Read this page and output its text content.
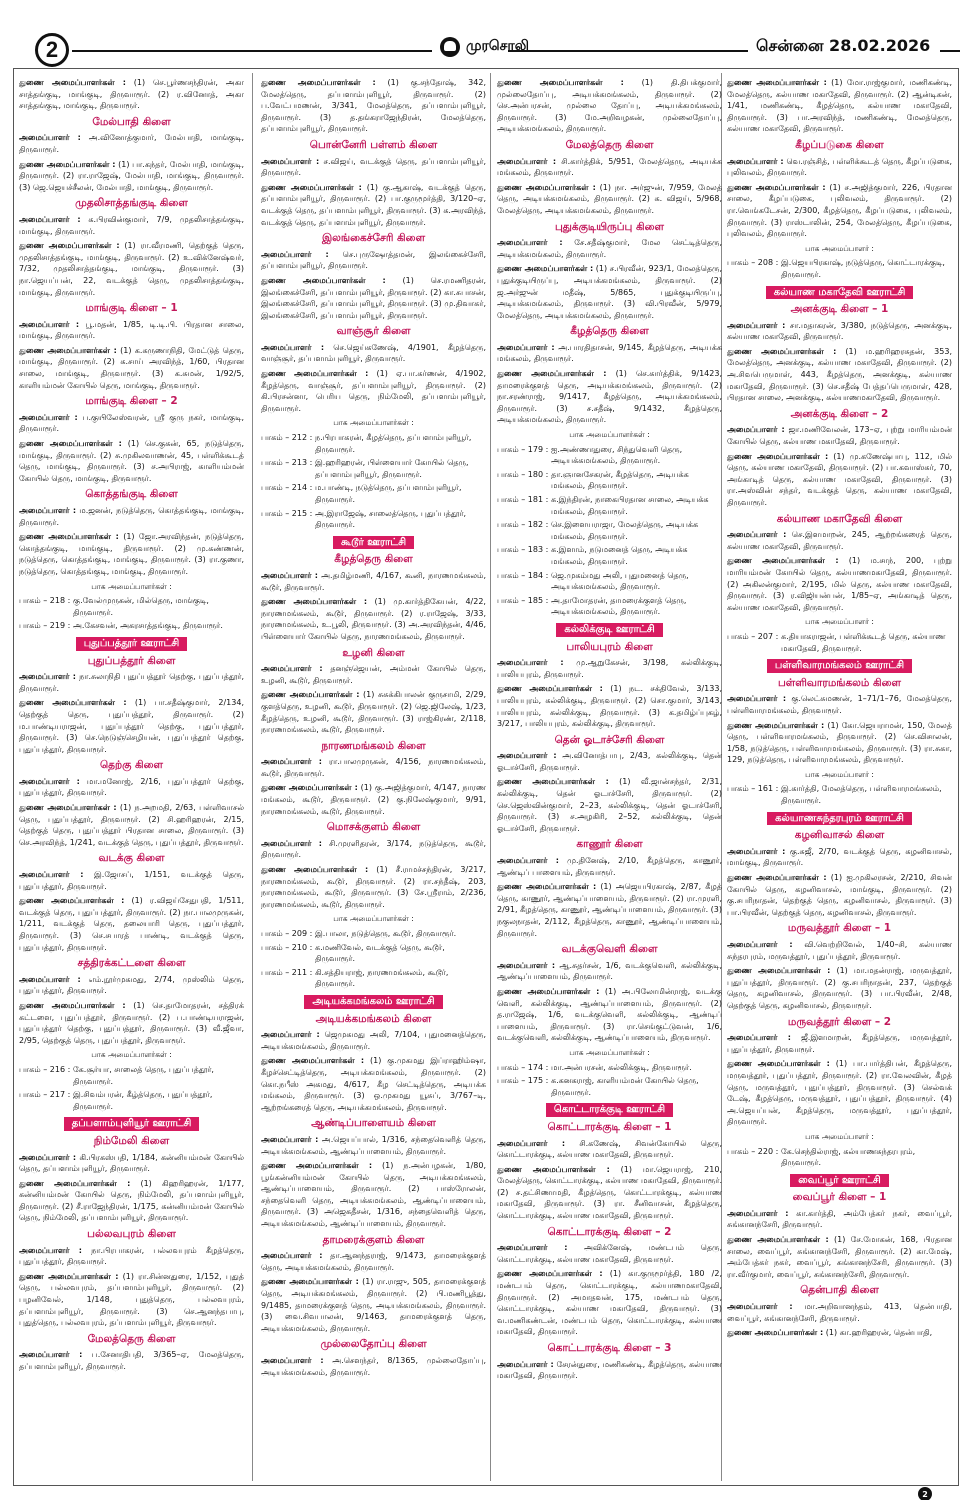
2	முரசொலி	சென்னை 28.02.2026

துணை அமைப்பாளர்கள் : (1) செ.பூர்ணசந்திரன், அகா சாத்தங்குடி, மாங்குடி, திருவாரூர். (2) ர.வினோத், அகா சாத்தங்குடி, மாங்குடி, திருவாரூர்.

மேல்பாதி கிளை

அமைப்பாளர் : அ.வினோத்குமார், மேல்பாதி, மாங்குடி, திருவாரூர்.

துணை அமைப்பாளர்கள் : (1) பா.கந்தர், மேல்பாதி, மாங்குடி, திருவாரூர். (2) ரா.ராஜேஷ், மேல்பாதி, மாங்குடி, திருவாரூர். (3) ஜெ.ஜெயச்சீலன், மேல்பாதி, மாங்குடி, திருவாரூர்.

முதலிசாத்தங்குடி கிளை

அமைப்பாளர் : க.பிரவின்குமார், 7/9, முதலிசாத்தங்குடி, மாங்குடி, திருவாரூர்.

துணை அமைப்பாளர்கள் : (1) ரா.வீரமணி, தெற்குத் தெரு, முதலிசாத்தங்குடி, மாங்குடி, திருவாரூர். (2) உ.விக்னேஷ்வர், 7/32, முதலிசாத்தங்குடி, மாங்குடி, திருவாரூர். (3) நா.ஜெயப்பன், 22, வடக்குத் தெரு, முதலிசாத்தங்குடி, மாங்குடி, திருவாரூர்.

மாங்குடி கிளை – 1

அமைப்பாளர் : பூ.மதன், 1/85, டி.டி.பி. பிரதான சாலை, மாங்குடி, திருவாரூர்.

துணை அமைப்பாளர்கள் : (1) க.கருணாநிதி, மேட்டுத் தெரு, மாங்குடி, திருவாரூர். (2) க.சாய் அரவிந்த், 1/60, பிரதான சாலை, மாங்குடி, திருவாரூர். (3) க.சுமன், 1/92/5, காளியம்மன் கோயில் தெரு, மாங்குடி, திருவாரூர்.

மாங்குடி கிளை – 2

அமைப்பாளர் : ப.குயிலேஸ்வரன், ஸ்ரீ குரு நகர், மாங்குடி, திருவாரூர்.

துணை அமைப்பாளர்கள் : (1) செ.குகன், 65, நடுத்தெரு, மாங்குடி, திருவாரூர். (2) சு.முகிலவாணன், 45, பள்ளிக்கூடத் தெரு, மாங்குடி, திருவாரூர். (3) ச.அபிராஜ், காளியம்மன் கோயில் தெரு, மாங்குடி, திருவாரூர்.

கொத்தங்குடி கிளை

அமைப்பாளர் : ம.ஜனன், நடுத்தெரு, கொத்தங்குடி, மாங்குடி, திருவாரூர்.

துணை அமைப்பாளர்கள் : (1) ஜோ.அரவிந்தன், நடுத்தெரு, கொத்தங்குடி, மாங்குடி, திருவாரூர். (2) மு.கண்ணன், நடுத்தெரு, கொத்தங்குடி, மாங்குடி, திருவாரூர். (3) ரா.குணா, நடுத்தெரு, கொத்தங்குடி, மாங்குடி, திருவாரூர்.

பாக அமைப்பாளர்கள் :
பாகம் – 218 : கு.வேல்முருகன், மில்தெரு, மாங்குடி, திருவாரூர்.
பாகம் – 219 : அ.கேசவன், அகரசாத்தங்குடி, திருவாரூர்.
புதுப்பத்தூர் ஊராட்சி
புதுப்பத்தூர் கிளை

அமைப்பாளர் : நா.சுலாநிதி புதுப்பத்தூர் தெற்கு, புதுப்பத்தூர், திருவாரூர்.

துணை அமைப்பாளர்கள் : (1) பா.சதீஷ்குமார், 2/134, தெற்குத் தெரு, புதுப்பத்தூர், திருவாரூர். (2) ம.பாண்டியராஜன், புதுப்பத்தூர் தெற்கு, புதுப்பத்தூர், திருவாரூர். (3) செ.நெடுஞ்செழியன், புதுப்பத்தூர் தெற்கு, புதுப்பத்தூர், திருவாரூர்.

தெற்கு கிளை

அமைப்பாளர் : மா.மனோஜ், 2/16, புதுப்பத்தூர் தெற்கு, புதுப்பத்தூர், திருவாரூர்.

துணை அமைப்பாளர்கள் : (1) ந.அறமதி, 2/63, பள்ளிவாசல் தெரு, புதுப்பத்தூர், திருவாரூர். (2) சி.ஹரிஹரன், 2/15, தெற்குத் தெரு, புதுப்பத்தூர் பிரதான சாலை, திருவாரூர். (3) செ.அரவிந்த், 1/241, வடக்குத் தெரு, புதுப்பத்தூர், திருவாரூர்.

வடக்கு கிளை

அமைப்பாளர் : இ.ஜோசப், 1/151, வடக்குத் தெரு, புதுப்பத்தூர், திருவாரூர்.

துணை அமைப்பாளர்கள் : (1) ர.விஜய்சேதுபதி, 1/511, வடக்குத் தெரு, புதுப்பத்தூர், திருவாரூர். (2) நா.பாலமுருகன், 1/211, வடக்குத் தெரு, தலையாரி தெரு, புதுப்பத்தூர், திருவாரூர். (3) செ.சபாரத் பாண்டி, வடக்குத் தெரு, புதுப்பத்தூர், திருவாரூர்.

சத்திரக்கட்டளை கிளை

அமைப்பாளர் : எம்.நூர்முகமது, 2/74, முஸ்லிம் தெரு, புதுப்பத்தூர், திருவாரூர்.

துணை அமைப்பாளர்கள் : (1) செ.தாமோதரன், சத்திரக் கட்டளை, புதுப்பத்தூர், திருவாரூர். (2) ப.பாண்டியராஜன், புதுப்பத்தூர் தெற்கு, புதுப்பத்தூர், திருவாரூர். (3) வீ.ஜீவா, 2/95, தெற்குத் தெரு, புதுப்பத்தூர், திருவாரூர்.

பாக அமைப்பாளர்கள் :
பாகம் – 216 : கே.சூர்யா, சாலைத் தெரு, புதுப்பத்தூர், திருவாரூர்.
பாகம் – 217 : இ.சிவம்பரன், கீழ்த்தெரு, புதுப்பத்தூர், திருவாரூர்.
தப்பளாம்புளியூர் ஊராட்சி
நிம்மேலி கிளை

அமைப்பாளர் : கி.பிரகஸ்பதி, 1/184, கன்னியம்மன் கோயில் தெரு, தப்பளாம்புளியூர், திருவாரூர்.

துணை அமைப்பாளர்கள் : (1) கிஹரிஹரன், 1/177, கன்னியம்மன் கோயில் தெரு, நிம்மேலி, தப்பளாம்புளியூர், திருவாரூர். (2) சீ.ராஜேந்திரன், 1/175, கன்னியம்மன் கோயில் தெரு, நிம்மேலி, தப்பளாம்புளியூர், திருவாரூர்.

பல்லவபுரம் கிளை

அமைப்பாளர் : நா.பிரபாகரன், பல்லவபுரம் கீழத்தெரு, புதுப்பத்தூர், திருவாரூர்.

துணை அமைப்பாளர்கள் : (1) ரா.சின்னதுரை, 1/152, புதுத் தெரு, பல்லவபுரம், தப்பளாம்புளியூர், திருவாரூர். (2) பழனிவேல், 1/148, புதுத்தெரு, பல்லவபுரம், தப்பளாம்புளியூர், திருவாரூர். (3) செ.ஆனந்தபாபு, புதுத்தெரு, பல்லவபுரம், தப்பளாம்புளியூர், திருவாரூர்.

மேலத்தெரு கிளை

அமைப்பாளர் : ப.சேனாதிபதி, 3/365–ஏ, மேலத்தெரு, தப்பளாம்புளியூர், திருவாரூர்.

துணை அமைப்பாளர்கள் : (1) கு.சந்தோஷ், 342, மேலத்தெரு, தப்பளாம்புளியூர், திருவாரூர். (2) ப.வேட்பமணன், 3/341, மேலத்தெரு, தப்பளாம்புளியூர், திருவாரூர். (3) த.தங்கராஜேந்திரன், மேலத்தெரு, தப்பளாம்புளியூர், திருவாரூர்.

பொன்னேரி பள்ளம் கிளை

அமைப்பாளர் : ச.விஜய், வடக்குத் தெரு, தப்பளாம்புளியூர், திருவாரூர்.

துணை அமைப்பாளர்கள் : (1) கு.ஆகாஷ், வடக்குத் தெரு, தப்பளாம்புளியூர், திருவாரூர். (2) பா.குருமூர்த்தி, 3/120–ஏ, வடக்குத் தெரு, தப்பளாம்புளியூர், திருவாரூர். (3) க.அரவிந்த், வடக்குத் தெரு, தப்பளாம்புளியூர், திருவாரூர்.

இலங்கைச்சேரி கிளை

அமைப்பாளர் : செ.புருஷோத்தமன், இலங்கைச்சேரி, தப்பளாம்புளியூர், திருவாரூர்.

துணை அமைப்பாளர்கள் : (1) செ.ரமணிதரன், இலங்கைச்சேரி, தப்பளாம்புளியூர், திருவாரூர். (2) கா.சுபாசன், இலங்கைச்சேரி, தப்பளாம்புளியூர், திருவாரூர். (3) மு.திவாகர், இலங்கைச்சேரி, தப்பளாம்புளியூர், திருவாரூர்.

வாஞ்சூர் கிளை

அமைப்பாளர் : செ.ஜெய்கணேஷ், 4/1901, கீழத்தெரு, வாஞ்சூர், தப்பளாம்புளியூர், திருவாரூர்.

துணை அமைப்பாளர்கள் : (1) ஏ.பா.கர்ணன், 4/1902, கீழத்தெரு, வாஞ்சூர், தப்பளாம்புளியூர், திருவாரூர். (2) கி.பிரசன்னா, பெரிய தெரு, நிம்மேலி, தப்பளாம்புளியூர், திருவாரூர்.

பாக அமைப்பாளர்கள் :
பாகம் – 212 : ந.பிரபாகரன், கீழத்தெரு, தப்பளாம்புளியூர், திருவாரூர்.
பாகம் – 213 : இ.ஹரிஹரன், பிள்ளையார் கோயில் தெரு, தப்பளாம்புளியூர், திருவாரூர்.
பாகம் – 214 : ம.பாண்டி, நடுத்தெரு, தப்பளாம்புளியூர், திருவாரூர்.
பாகம் – 215 : அ.இராஜேஷ், சாலைத்தெரு, புதுப்பத்தூர், திருவாரூர்.
கூடூர் ஊராட்சி
கீழத்தெரு கிளை

அமைப்பாளர் : அ.தமிழ்மணி, 4/167, கூனி, நாரணமங்கலம், கூடூர், திருவாரூர்.

துணை அமைப்பாளர்கள் : (1) மு.கார்த்திகேயன், 4/22, நாரணமங்கலம், கூடூர், திருவாரூர். (2) ர.ராஜேஷ், 3/33, நாரணமங்கலம், உ.பூலி, திருவாரூர். (3) அ.அரவிந்தன், 4/46, பிள்ளையார் கோயில் தெரு, நாரணமங்கலம், திருவாரூர்.

உழனி கிளை

அமைப்பாளர் : தனஞ்ஜெயன், அம்மன் கோயில் தெரு, உழனி, கூடூர், திருவாரூர்.

துணை அமைப்பாளர்கள் : (1) சுசுக்கிபாலன் குருசாமி, 2/29, குளத்தெரு, உழனி, கூடூர், திருவாரூர். (2) ஜெ.ஜிலேஷ், 1/23, கீழத்தெரு, உழனி, கூடூர், திருவாரூர். (3) ராஜ்கிரண், 2/118, நாரணமங்கலம், கூடூர், திருவாரூர்.

நாரணமங்கலம் கிளை

அமைப்பாளர் : ரா.பாலமுருகன், 4/156, நாரணமங்கலம், கூடூர், திருவாரூர்.

துணை அமைப்பாளர்கள் : (1) கு.அஜித்குமார், 4/147, நாரண மங்கலம், கூடூர், திருவாரூர். (2) கு.நிலேஷ்குமார், 9/91, நாரணமங்கலம், கூடூர், திருவாரூர்.

மொசக்குளம் கிளை

அமைப்பாளர் : சி.முரளிதரன், 3/174, நடுத்தெரு, கூடூர், திருவாரூர்.

துணை அமைப்பாளர்கள் : (1) சீ.ராமச்சந்திரன், 3/217, நாரணமங்கலம், கூடூர், திருவாரூர். (2) ரா.சந்தீஷ், 203, நாரணமங்கலம், கூடூர், திருவாரூர். (3) சே.ஸ்ரீராம், 2/236, நாரணமங்கலம், கூடூர், திருவாரூர்.

பாக அமைப்பாளர்கள் :
பாகம் – 209 : இ.பாலா, நடுத்தெரு, கூடூர், திருவாரூர்.
பாகம் – 210 : க.மணிவேல், வடக்குத் தெரு, கூடூர், திருவாரூர்.
பாகம் – 211 : கி.சத்தியராஜ், நாரணமங்கலம், கூடூர், திருவாரூர்.
அடியக்கமங்கலம் ஊராட்சி
அடியக்கமங்கலம் கிளை

அமைப்பாளர் : ஜெமுகமது அலி, 7/104, புதுமனைத்தெரு, அடியக்கமங்கலம், திருவாரூர்.

துணை அமைப்பாளர்கள் : (1) கு.முகமது இப்ராஹிம்ஷா, கீழச்செட்டித்தெரு, அடியக்கமங்கலம், திருவாரூர். (2) கொ.நபீஸ் அகமது, 4/617, கீழ செட்டித்தெரு, அடியக்க மங்கலம், திருவாரூர். (3) ஒ.முகமது யூசுப், 3/767–டி, ஆற்றங்கரைத் தெரு, அடியக்கமங்கலம், திருவாரூர்.

ஆண்டிப்பாளையம் கிளை

அமைப்பாளர் : அ.ஜெயப்பால், 1/316, சந்தைவெளித் தெரு, அடியக்கமங்கலம், ஆண்டிப்பாளையம், திருவாரூர்.

துணை அமைப்பாளர்கள் : (1) ந.அன்பழகன், 1/80, பூங்கன்னியம்மன் கோயில் தெரு, அடியக்கமங்கலம், ஆண்டிப்பாளையம், திருவாரூர். (2) பாஸ்ரோலன், சந்தைவெளி தெரு, அடியக்கமங்கலம், ஆண்டிப்பாளையம், திருவாரூர். (3) அஜெகதீசன், 1/316, சந்தைவெளித் தெரு, அடியக்கமங்கலம், ஆண்டிப்பாளையம், திருவாரூர்.

தாமரைக்குளம் கிளை

அமைப்பாளர் : தா.ஆனந்தராஜ், 9/1473, தாமரைக்குளத் தெரு, அடியக்கமங்கலம், திருவாரூர்.

துணை அமைப்பாளர்கள் : (1) ரா.ராஜு, 505, தாமரைக்குளத் தெரு, அடியக்கமங்கலம், திருவாரூர். (2) பி.மணிபூத்து, 9/1485, தாமரைக்குளத் தெரு, அடியக்கமங்கலம், திருவாரூர். (3) வை.சிவபாலன், 9/1463, தாமரைக்குளத் தெரு, அடியக்கமங்கலம், திருவாரூர்.

முல்லைதோப்பு கிளை

அமைப்பாளர் : அ.செளந்தர், 8/1365, முல்லைதோப்பு, அடியக்கமங்கலம், திருவாரூர்.

துணை அமைப்பாளர்கள் : (1) தி.திபக்குமார், முல்லைதோப்பு, அடியக்கமங்கலம், திருவாரூர். (2) செ.அன்பரசன், முல்லை தோப்பு, அடியக்கமங்கலம், திருவாரூர். (3) மே.அறிவழகன், முல்லைதோப்பு, அடியக்கமங்கலம், திருவாரூர்.

மேலத்தெரு கிளை

அமைப்பாளர் : சி.கார்த்திக், 5/951, மேலத்தெரு, அடியக்க மங்கலம், திருவாரூர்.

துணை அமைப்பாளர்கள் : (1) நா. அர்ஜுன், 7/959, மேலத் தெரு, அடியக்கமங்கலம், திருவாரூர். (2) க. விஜய், 5/968, மேலத்தெரு, அடியக்கமங்கலம், திருவாரூர்.

புதுக்குடியிருப்பு கிளை

அமைப்பாளர் : சே.சதீஷ்குமார், மேல செட்டித்தெரு, அடியக்கமங்கலம், திருவாரூர்.

துணை அமைப்பாளர்கள் : (1) ச.பிரவீன், 923/1, மேலத்தெரு, புதுக்குடியிருப்பு, அடியக்கமங்கலம், திருவாரூர். (2) ஜ.அர்ஜுன் மதீஷ், 5/865, புதுக்குடியிருப்பு, அடியக்கமங்கலம், திருவாரூர். (3) வி.பிரவீன், 5/979, மேலத்தெரு, அடியக்கமங்கலம், திருவாரூர்.

கீழத்தெரு கிளை

அமைப்பாளர் : அ.பாரதிதாசன், 9/145, கீழத்தெரு, அடியக்க மங்கலம், திருவாரூர்.

துணை அமைப்பாளர்கள் : (1) செ.கார்த்திக், 9/1423, தாமரைக்குளத் தெரு, அடியக்கமங்கலம், திருவாரூர். (2) நா.சரண்ராஜ், 9/1417, கீழத்தெரு, அடியக்கமங்கலம், திருவாரூர். (3) ச.சதீஷ், 9/1432, கீழத்தெரு, அடியக்கமங்கலம், திருவாரூர்.

பாக அமைப்பாளர்கள் :
பாகம் – 179 : ஐ.அண்ணாதுரை, சிந்துவெளி தெரு, அடியக்கமங்கலம், திருவாரூர்.
பாகம் – 180 : தா.ஞானசேகரன், கீழத்தெரு, அடியக்க மங்கலம், திருவாரூர்.
பாகம் – 181 : க.இந்திரன், நாகைபிரதான சாலை, அடியக்க மங்கலம், திருவாரூர்.
பாகம் – 182 : செ.இளையராஜா, மேலத்தெரு, அடியக்க மங்கலம், திருவாரூர்.
பாகம் – 183 : க.இளாம், நடுமனைத் தெரு, அடியக்க மங்கலம், திருவாரூர்.
பாகம் – 184 : ஜெ.முகம்மது அலி, புதுமனைத் தெரு, அடியக்கமங்கலம், திருவாரூர்.
பாகம் – 185 : அ.தாமோதரன், தாமரைக்குளத் தெரு, அடியக்கமங்கலம், திருவாரூர்.
கல்லிக்குடி ஊராட்சி
பாலியபுரம் கிளை

அமைப்பாளர் : மு.ஆறுகேசன், 3/198, கல்லிக்குடி, பாலியபுரம், திருவாரூர்.

துணை அமைப்பாளர்கள் : (1) நட. சக்திவேல், 3/133, பாலியபுரம், கல்லிக்குடி, திருவாரூர். (2) சொ.குமார், 3/143, பாலியபுரம், கல்லிக்குடி, திருவாரூர். (3) க.தமிழ்ப்புகழ், 3/217, பாலியபுரம், கல்லிக்குடி, திருவாரூர்.

தென் ஓடாச்சேரி கிளை

அமைப்பாளர் : அ.வினோத்பாபு, 2/43, கல்லிக்குடி, தென் ஓடாச்சேரி, திருவாரூர்.

துணை அமைப்பாளர்கள் : (1) வீ.ஜான்சந்தர், 2/31, கல்லிக்குடி, தென் ஓடாச்சேரி, திருவாரூர். (2) செ.ஜெஸ்வின்குமார், 2–23, கல்லிக்குடி, தென் ஓடாச்சேரி, திருவாரூர். (3) ச.அழகிரி, 2–52, கல்லிக்குடி, தென் ஓடாச்சேரி, திருவாரூர்.

காணூர் கிளை

அமைப்பாளர் : மு.தினேஷ், 2/10, கீழத்தெரு, காணூர், ஆண்டிப் பாளையம், திருவாரூர்.

துணை அமைப்பாளர்கள் : (1) அஜெயபிரகாஷ், 2/87, கீழத் தெரு, காணூர், ஆண்டிப்பாளையம், திருவாரூர். (2) ரா.முரளி, 2/91, கீழத்தெரு, காணூர், ஆண்டிப்பாளையம், திருவாரூர். (3) நகுலநாதன், 2/112, கீழத்தெரு, காணூர், ஆண்டிப்பாளையம், திருவாரூர்.

வடக்குவெளி கிளை

அமைப்பாளர் : ஆ.சுதர்சன், 1/6, வடக்குவெளி, கல்லிக்குடி, ஆண்டிப்பாளையம், திருவாரூர்.

துணை அமைப்பாளர்கள் : (1) அ.பிலோமின்ராஜ், வடக்கு வெளி, கல்லிக்குடி, ஆண்டிப்பாளையம், திருவாரூர். (2) த.ராஜேஷ், 1/6, வடக்குவெளி, கல்லிக்குடி, ஆண்டிப் பாளையம், திருவாரூர். (3) ரா.செங்குட்டுவன், 1/6, வடக்குவெளி, கல்லிக்குடி, ஆண்டிப்பாளையம், திருவாரூர்.

பாக அமைப்பாளர்கள் :
பாகம் – 174 : மா.அன்பரசன், கல்லிக்குடி, திருவாரூர்.
பாகம் – 175 : க.கனகராஜ், காளியம்மன் கோயில் தெரு, திருவாரூர்.
கொட்டாரக்குடி ஊராட்சி
கொட்டாரக்குடி கிளை – 1

அமைப்பாளர் : சி.கணேஷ், சிவன்கோயில் தெரு, கொட்டாரக்குடி, கல்யாண மகாதேவி, திருவாரூர்.

துணை அமைப்பாளர்கள் : (1) மா.ஜெயராஜ், 210, மேலத்தெரு, கொட்டாரக்குடி, கல்யாண மகாதேவி, திருவாரூர். (2) ச.தட்சிணாமதி, கீழத்தெரு, கொட்டாரக்குடி, கல்யாண மகாதேவி, திருவாரூர். (3) ரா. சீனிவாசன், கீழத்தெரு, கொட்டாரக்குடி, கல்யாண மகாதேவி, திருவாரூர்.

கொட்டாரக்குடி கிளை – 2

அமைப்பாளர் : அவிக்னேஷ், மண்டபம் தெரு, கொட்டாரக்குடி, கல்யாண மகாதேவி, திருவாரூர்.

துணை அமைப்பாளர்கள் : (1) கா.குருமூர்த்தி, 180 /2, மண்டபம் தெரு, கொட்டாரக்குடி, கல்யாணமகாதேவி, திருவாரூர். (2) அமாதவன், 175, மண்டபம் தெரு, கொட்டாரக்குடி, கல்யாண மகாதேவி, திருவாரூர். (3) வ.மணிகண்டன், மண்டபம் தெரு, கொட்டாரக்குடி, கல்யாண மகாதேவி, திருவாரூர்.

கொட்டாரக்குடி கிளை – 3

அமைப்பாளர் : சேரன்துரை, மணிகண்டி, கீழத்தெரு, கல்யாண மகாதேவி, திருவாரூர்.

துணை அமைப்பாளர்கள் : (1) மோ.ராஜ்குமார், மணிகண்டி, மேலத்தெரு, கல்யாண மகாதேவி, திருவாரூர். (2) ஆன்டிகன், 1/41, மணிகண்டி, கீழத்தெரு, கல்யாண மகாதேவி, திருவாரூர். (3) பா.அரவிந்த், மணிகண்டி, மேலத்தெரு, கல்யாண மகாதேவி, திருவாரூர்.

கீழப்படுகை கிளை

அமைப்பாளர் : வெ.ரஞ்சித், பள்ளிக்கூடத் தெரு, கீழப்படுகை, புலிவலம், திருவாரூர்.

துணை அமைப்பாளர்கள் : (1) ச.அஜித்குமார், 226, பிரதான சாலை, கீழப்படுகை, புலிவலம், திருவாரூர். (2) ரா.வெங்கடேசன், 2/300, கீழத்தெரு, கீழப்படுகை, புலிவலம், திருவாரூர். (3) ராஸ்டாலின், 254, மேலத்தெரு, கீழப்படுகை, புலிவலம், திருவாரூர்.

பாக அமைப்பாளர் :
பாகம் – 208 : இ.ஜெயபிரகாஷ், நடுத்தெரு, கொட்டாரக்குடி, திருவாரூர்.
கல்யாண மகாதேவி ஊராட்சி
அனக்குடி கிளை – 1

அமைப்பாளர் : சா.மதாகரன், 3/380, நடுத்தெரு, அனக்குடி, கல்யாண மகாதேவி, திருவாரூர்.

துணை அமைப்பாளர்கள் : (1) ம.ஹரிஹரசுதன், 353, மேலத்தெரு, அனக்குடி, கல்யாண மகாதேவி, திருவாரூர். (2) அ.சிவபெருமாள், 443, கீழத்தெரு, அனக்குடி, கல்யாண மகாதேவி, திருவாரூர். (3) செ.சதீஷ் பேத்தப்பெருமாள், 428, பிரதான சாலை, அனக்குடி, கல்யாணமகாதேவி, திருவாரூர்.

அனக்குடி கிளை – 2

அமைப்பாளர் : ஜா.மணிவேலன், 173–ஏ, புற்று மாரியம்மன் கோயில் தெரு, கல்யாண மகாதேவி, திருவாரூர்.

துணை அமைப்பாளர்கள் : (1) மு.கணேஷ்பாபு, 112, மில் தெரு, கல்யாண மகாதேவி, திருவாரூர். (2) பா.கவாஸ்கர், 70, அங்காடித் தெரு, கல்யாண மகாதேவி, திருவாரூர். (3) ரா.அஸ்வின் சந்தர், வடக்குத் தெரு, கல்யாண மகாதேவி, திருவாரூர்.

கல்யாண மகாதேவி கிளை

அமைப்பாளர் : செ.இளமாறன், 245, ஆற்றங்கரைத் தெரு, கல்யாண மகாதேவி, திருவாரூர்.

துணை அமைப்பாளர்கள் : (1) ம.சாந், 200, புற்று மாரியம்மன் கோயில் தெரு, கல்யாணமகாதேவி, திருவாரூர். (2) அகிலன்குமார், 2/195, மில் தெரு, கல்யாண மகாதேவி, திருவாரூர். (3) ர.விஜியன்பன், 1/85–ஏ, அங்காடித் தெரு, கல்யாண மகாதேவி, திருவாரூர்.

பாக அமைப்பாளர் :
பாகம் – 207 : க.தியாகராஜன், பள்ளிக்கூடத் தெரு, கல்யாண மகாதேவி, திருவாரூர்.
பள்ளிவாரமங்கலம் ஊராட்சி
பள்ளிவாரமங்கலம் கிளை

அமைப்பாளர் : கு.லெட்சுமணன், 1–71/1–76, மேலத்தெரு, பள்ளிவாரமங்கலம், திருவாரூர்.

துணை அமைப்பாளர்கள் : (1) கோ.ஜெயராமன், 150, மேலத் தெரு, பள்ளிவாரமங்கலம், திருவாரூர். (2) செ.விசாலன், 1/58, நடுத்தெரு, பள்ளிவாரமங்கலம், திருவாரூர். (3) ரா.சுகா, 129, நடுத்தெரு, பள்ளிவாரமங்கலம், திருவாரூர்.

பாக அமைப்பாளர் :
பாகம் – 161 : இ.கார்த்தி, மேலத்தெரு, பள்ளிவாரமங்கலம், திருவாரூர்.
கல்யாணசுந்தரபுரம் ஊராட்சி
கழனிவாசல் கிளை

அமைப்பாளர் : கு.சுஜீ, 2/70, வடக்குத் தெரு, கழனிவாசல், மாங்குடி, திருவாரூர்.

துணை அமைப்பாளர்கள் : (1) ஐ.முகிலரசன், 2/210, சிவன் கோயில் தெரு, கழனிவாசல், மாங்குடி, திருவாரூர். (2) கு.சபரிநாதன், தெற்குத் தெரு, கழனிவாசல், திருவாரூர். (3) பா.பிரவீன், தெற்குத் தெரு, கழனிவாசல், திருவாரூர்.

மருவத்தூர் கிளை – 1

அமைப்பாளர் : வி.வெற்றிவேல், 1/40–சி, கல்யாண சுந்தரபுரம், மருவத்தூர், புதுப்பத்தூர், திருவாரூர்.

துணை அமைப்பாளர்கள் : (1) மா.மதன்ராஜ், மருவத்தூர், புதுப்பத்தூர், திருவாரூர். (2) கு.சபரிநாதன், 237, தெற்குத் தெரு, கழனிவாசல், திருவாரூர். (3) பா.பிரவீன், 2/48, தெற்குத் தெரு, கழனிவாசல், திருவாரூர்.

மருவத்தூர் கிளை – 2

அமைப்பாளர் : ஜீ.இளமாறன், கீழத்தெரு, மருவத்தூர், புதுப்பத்தூர், திருவாரூர்.

துணை அமைப்பாளர்கள் : (1) பா.பார்த்திபன், கீழத்தெரு, மருவத்தூர், புதுப்பத்தூர், திருவாரூர். (2) ரா.வேலவின், கீழத் தெரு, மருவத்தூர், புதுப்பத்தூர், திருவாரூர். (3) செல்வக் டேஷ், கீழத்தெரு, மருவத்தூர், புதுப்பத்தூர், திருவாரூர். (4) அ.ஜெயப்பன், கீழத்தெரு, மருவத்தூர், புதுப்பத்தூர், திருவாரூர்.

பாக அமைப்பாளர் :
பாகம் – 220 : கே.செந்தில்ராஜ், கல்யாணசுந்தரபுரம், திருவாரூர்.
வைப்பூர் ஊராட்சி
வைப்பூர் கிளை – 1

அமைப்பாளர் : கா.கார்த்தி, அம்பேத்கர் நகர், வைப்பூர், சுங்கானந்சேரி, திருவாரூர்.

துணை அமைப்பாளர்கள் : (1) சே.மோகன், 168, பிரதான சாலை, வைப்பூர், சுங்கானந்சேரி, திருவாரூர். (2) கா.மேஷ், அம்பேத்கர் நகர், வைப்பூர், சுங்கானந்சேரி, திருவாரூர். (3) ரா.வீர்குமார், வைப்பூர், சுங்கானந்சேரி, திருவாரூர்.

தென்பாதி கிளை

அமைப்பாளர் : மா.அறிவானந்தம், 413, தென்பாதி, வைப்பூர், சுங்கானந்சேரி, திருவாரூர்.

துணை அமைப்பாளர்கள் : (1) கா.ஹரிஹரன், தென்பாதி,

2
